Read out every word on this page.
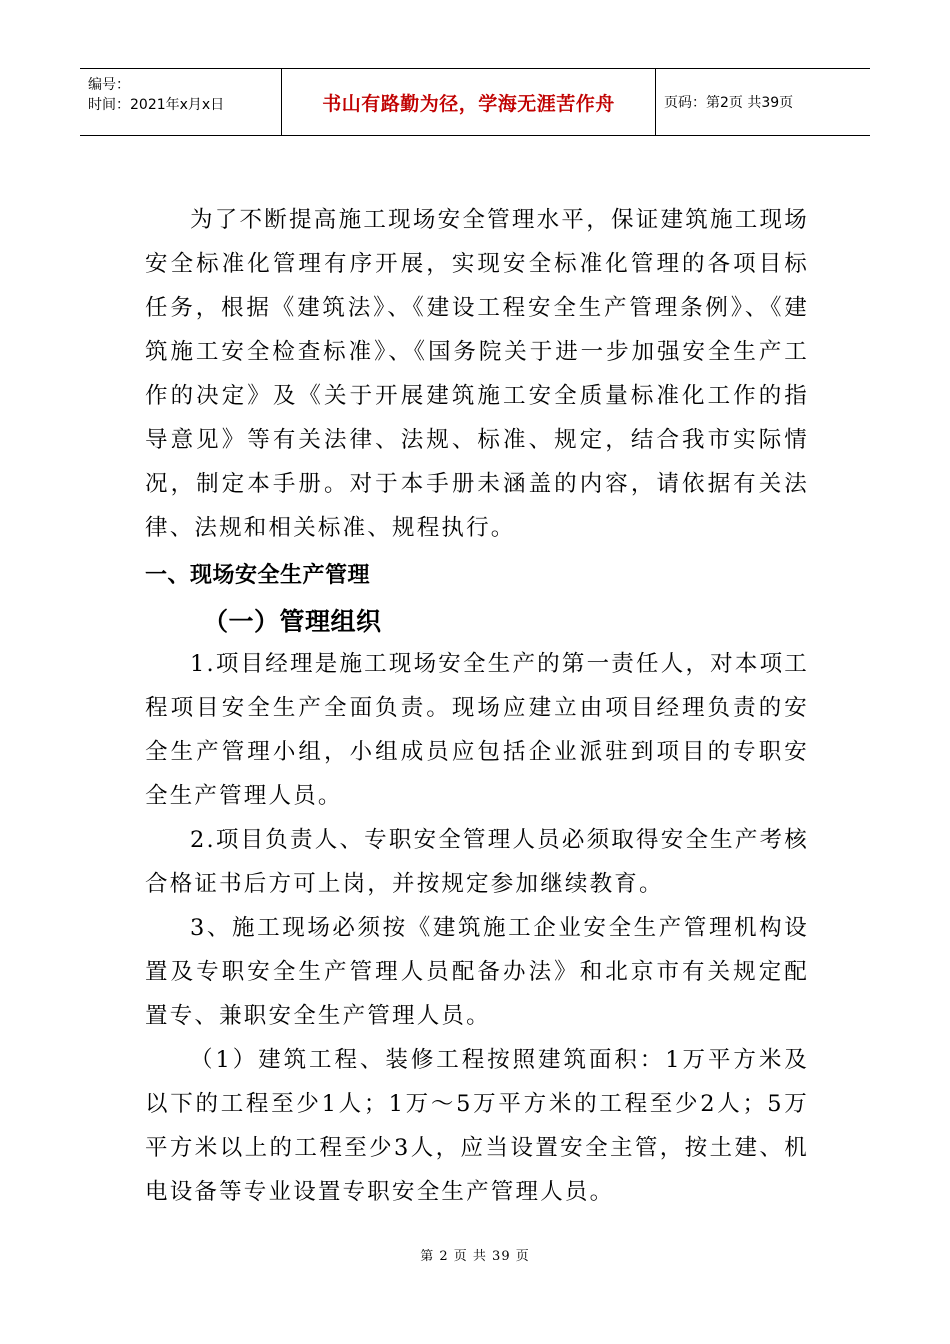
编号：
时间：2021年x月x日	书山有路勤为径，学海无涯苦作舟	页码：第2页 共39页

为了不断提高施工现场安全管理水平，保证建筑施工现场安全标准化管理有序开展，实现安全标准化管理的各项目标任务，根据《建筑法》、《建设工程安全生产管理条例》、《建筑施工安全检查标准》、《国务院关于进一步加强安全生产工作的决定》及《关于开展建筑施工安全质量标准化工作的指导意见》等有关法律、法规、标准、规定，结合我市实际情况，制定本手册。对于本手册未涵盖的内容，请依据有关法律、法规和相关标准、规程执行。

一、现场安全生产管理

（一）管理组织

1.项目经理是施工现场安全生产的第一责任人，对本项工程项目安全生产全面负责。现场应建立由项目经理负责的安全生产管理小组，小组成员应包括企业派驻到项目的专职安全生产管理人员。

2.项目负责人、专职安全管理人员必须取得安全生产考核合格证书后方可上岗，并按规定参加继续教育。

3、施工现场必须按《建筑施工企业安全生产管理机构设置及专职安全生产管理人员配备办法》和北京市有关规定配置专、兼职安全生产管理人员。

（1）建筑工程、装修工程按照建筑面积：1万平方米及以下的工程至少1人；1万～5万平方米的工程至少2人；5万平方米以上的工程至少3人，应当设置安全主管，按土建、机电设备等专业设置专职安全生产管理人员。

第 2 页 共 39 页
